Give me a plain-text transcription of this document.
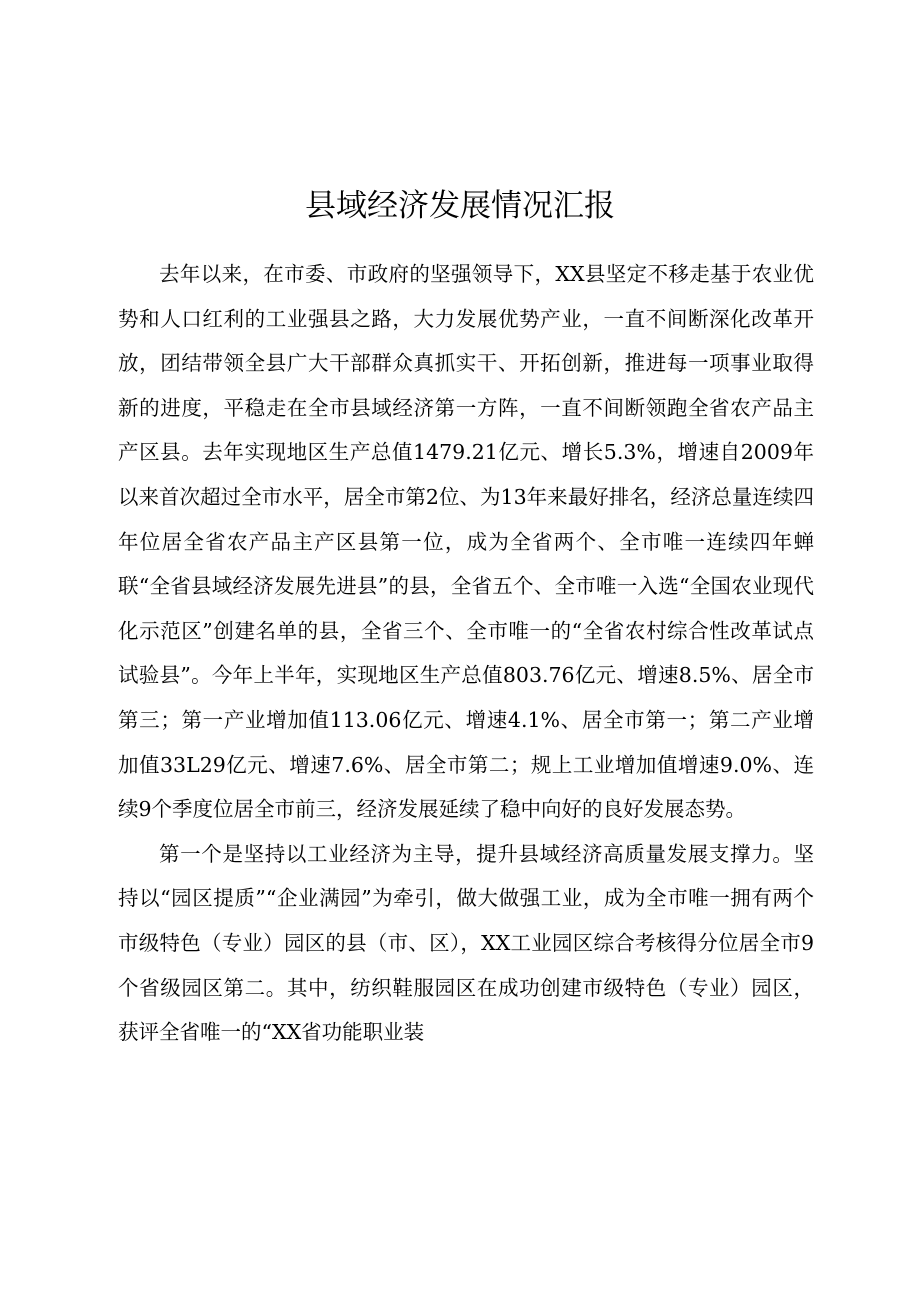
县域经济发展情况汇报

去年以来，在市委、市政府的坚强领导下，XX县坚定不移走基于农业优势和人口红利的工业强县之路，大力发展优势产业，一直不间断深化改革开放，团结带领全县广大干部群众真抓实干、开拓创新，推进每一项事业取得新的进度，平稳走在全市县域经济第一方阵，一直不间断领跑全省农产品主产区县。去年实现地区生产总值1479.21亿元、增长5.3%，增速自2009年以来首次超过全市水平，居全市第2位、为13年来最好排名，经济总量连续四年位居全省农产品主产区县第一位，成为全省两个、全市唯一连续四年蝉联“全省县域经济发展先进县”的县，全省五个、全市唯一入选“全国农业现代化示范区”创建名单的县，全省三个、全市唯一的“全省农村综合性改革试点试验县”。今年上半年，实现地区生产总值803.76亿元、增速8.5%、居全市第三；第一产业增加值113.06亿元、增速4.1%、居全市第一；第二产业增加值33L29亿元、增速7.6%、居全市第二；规上工业增加值增速9.0%、连续9个季度位居全市前三，经济发展延续了稳中向好的良好发展态势。

第一个是坚持以工业经济为主导，提升县域经济高质量发展支撑力。坚持以“园区提质”“企业满园”为牵引，做大做强工业，成为全市唯一拥有两个市级特色（专业）园区的县（市、区），XX工业园区综合考核得分位居全市9个省级园区第二。其中，纺织鞋服园区在成功创建市级特色（专业）园区，获评全省唯一的“XX省功能职业装
